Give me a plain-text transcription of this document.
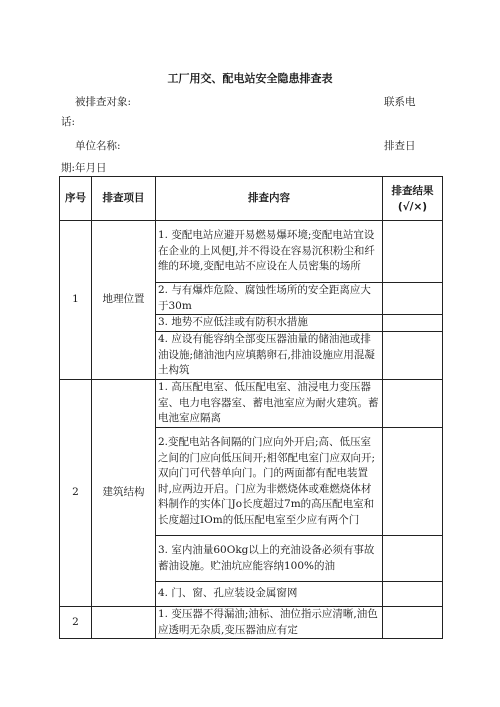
工厂用交、配电站安全隐患排查表
被排查对象:	联系电
话:
单位名称:	排查日
期:年月日
序号	排查项目	排查内容	排查结果(√/×)
1	地理位置	1. 变配电站应避开易燃易爆环境;变配电站宜设在企业的上风便J,并不得设在容易沉积粉尘和纤维的环境,变配电站不应设在人员密集的场所	
		2. 与有爆炸危险、腐蚀性场所的安全距离应大于30m	
		3. 地势不应低洼或有防积水措施	
		4. 应设有能容纳全部变压器油量的储油池或排油设施;储油池内应填鹅卵石,排油设施应用混凝土构筑	
2	建筑结构	1. 高压配电室、低压配电室、油浸电力变压器室、电力电容器室、蓄电池室应为耐火建筑。蓄电池室应隔离	
		2.变配电站各间隔的门应向外开启;高、低压室之间的门应向低压间开;相邻配电室门应双向开;双向门可代替单向门。门的两面都有配电装置时,应两边开启。门应为非燃烧体或难燃烧体材料制作的实体门Jo长度超过7m的高压配电室和长度超过IOm的低压配电室至少应有两个门	
		3. 室内油量60Okg以上的充油设备必须有事故蓄油设施。贮油坑应能容纳100%的油	
		4. 门、窗、孔应装设金属窗网	
2		1. 变压器不得漏油;油标、油位指示应清晰,油色应透明无杂质,变压器油应有定	
